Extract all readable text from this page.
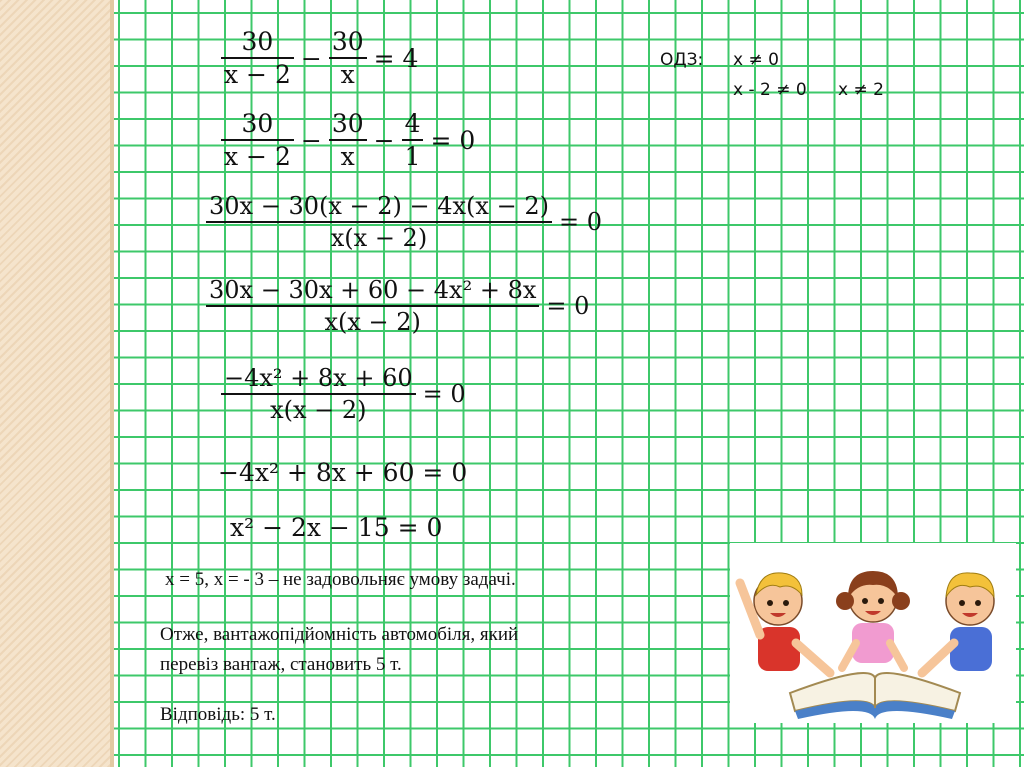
$\frac{30}{x - 2} - \frac{30}{x} = 4$
$\frac{30}{x - 2} - \frac{30}{x} - \frac{4}{1} = 0$
$\frac{30x - 30(x - 2) - 4x(x - 2)}{x(x - 2)} = 0$
$\frac{\text{30x − 30x + 60 − 4x² + 8x}}{x(x - 2)} = 0$
$\frac{\text{−4x² + 8x + 60}}{x(x - 2)} = 0$
−4x² + 8x + 60 = 0
x² − 2x − 15 = 0
ОДЗ: x ≠ 0
x - 2 ≠ 0 x ≠ 2
x = 5, x = - 3 – не задовольняє умову задачі.
Отже, вантажопідйомність автомобіля, який
перевіз вантаж, становить 5 т.
Відповідь: 5 т.
